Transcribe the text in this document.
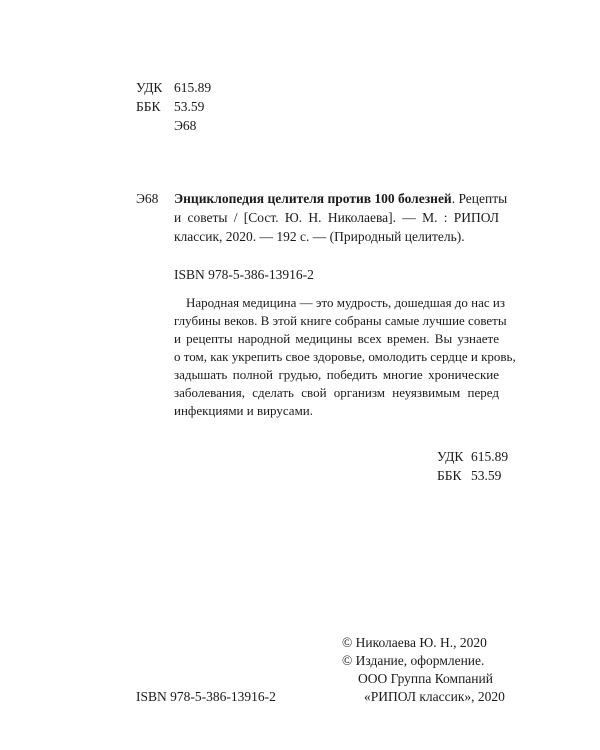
УДК 615.89
ББК 53.59
Э68
Э68 Энциклопедия целителя против 100 болезней. Рецепты
и советы / [Сост. Ю. Н. Николаева]. — М. : РИПОЛ
классик, 2020. — 192 с. — (Природный целитель).
ISBN 978-5-386-13916-2
Народная медицина — это мудрость, дошедшая до нас из
глубины веков. В этой книге собраны самые лучшие советы
и рецепты народной медицины всех времен. Вы узнаете
о том, как укрепить свое здоровье, омолодить сердце и кровь,
задышать полной грудью, победить многие хронические
заболевания, сделать свой организм неуязвимым перед
инфекциями и вирусами.
УДК 615.89
ББК 53.59
© Николаева Ю. Н., 2020
© Издание, оформление.
ООО Группа Компаний
«РИПОЛ классик», 2020
ISBN 978-5-386-13916-2
